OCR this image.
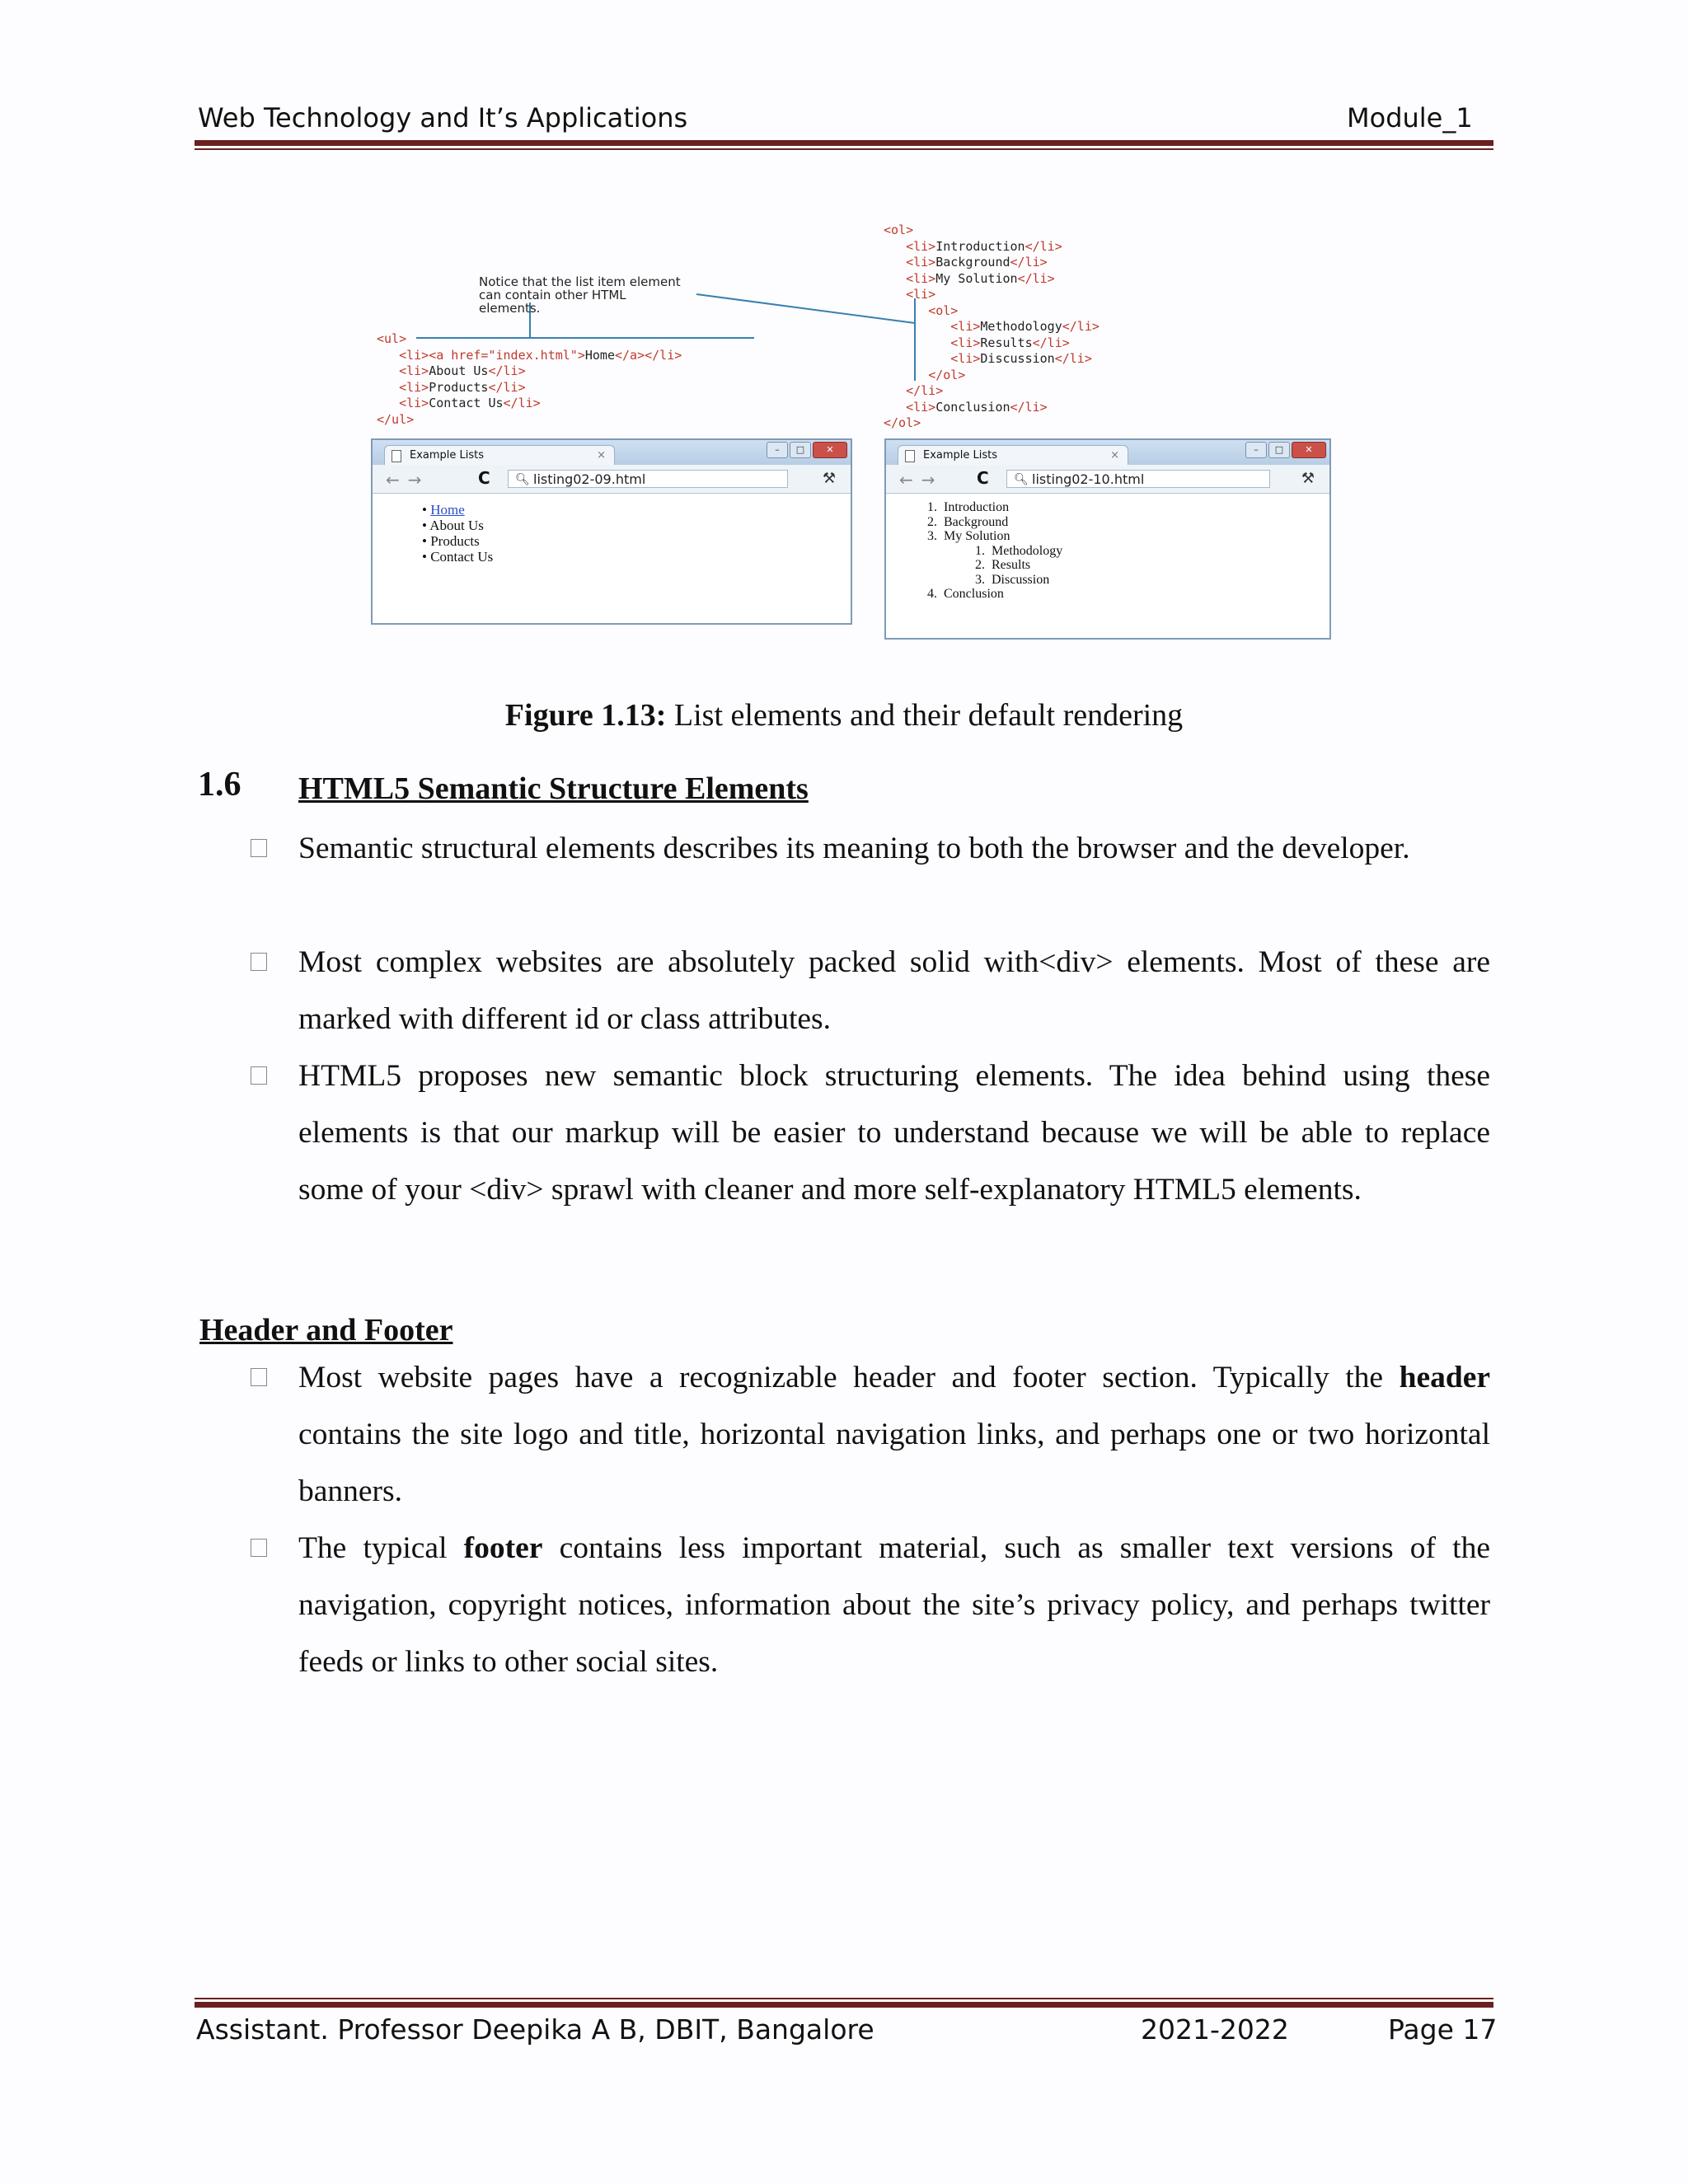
Web Technology and It’s Applications	Module_1
Notice that the list item element
can contain other HTML
elements.
<ul>
<li><a href="index.html">Home</a></li>
<li>About Us</li>
<li>Products</li>
<li>Contact Us</li>
</ul>
<ol>
<li>Introduction</li>
<li>Background</li>
<li>My Solution</li>
<li>
<ol>
<li>Methodology</li>
<li>Results</li>
<li>Discussion</li>
</ol>
</li>
<li>Conclusion</li>
</ol>
Example Lists	×	–	□	✕
←→	C 🔍︎ listing02-09.html	⚒
• Home
• About Us
• Products
• Contact Us
Example Lists	×	–	□	✕
←→ C 🔍︎ listing02-10.html	⚒
1. Introduction
2. Background
3. My Solution
1. Methodology
2. Results
3. Discussion
4. Conclusion
Figure 1.13: List elements and their default rendering
1.6 HTML5 Semantic Structure Elements
Semantic structural elements describes its meaning to both the browser and the developer.
Most complex websites are absolutely packed solid with<div> elements. Most of these are marked with different id or class attributes.
HTML5 proposes new semantic block structuring elements. The idea behind using these elements is that our markup will be easier to understand because we will be able to replace some of your <div> sprawl with cleaner and more self-explanatory HTML5 elements.
Header and Footer
Most website pages have a recognizable header and footer section. Typically the header contains the site logo and title, horizontal navigation links, and perhaps one or two horizontal banners.
The typical footer contains less important material, such as smaller text versions of the navigation, copyright notices, information about the site’s privacy policy, and perhaps twitter feeds or links to other social sites.
Assistant. Professor Deepika A B, DBIT, Bangalore	2021-2022	Page 17
